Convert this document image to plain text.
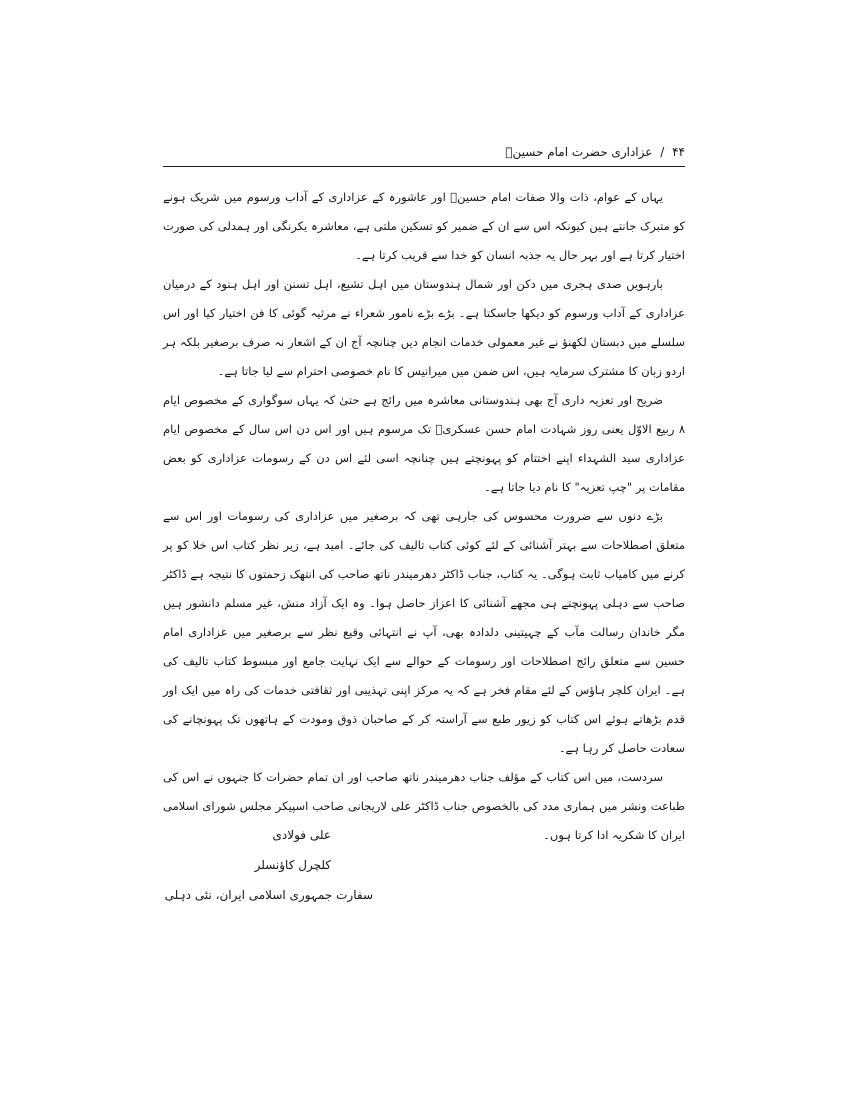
۴۴ / عزاداری حضرت امام حسینؑ

یہاں کے عوام، ذات والا صفات امام حسینؑ اور عاشورہ کے عزاداری کے آداب ورسوم میں شریک ہونے کو متبرک جانتے ہیں کیونکہ اس سے ان کے ضمیر کو تسکین ملتی ہے، معاشرہ یکرنگی اور ہمدلی کی صورت اختیار کرتا ہے اور بہر حال یہ جذبہ انسان کو خدا سے قریب کرتا ہے۔

بارہویں صدی ہجری میں دکن اور شمال ہندوستان میں اہل تشیع، اہل تسنن اور اہل ہنود کے درمیان عزاداری کے آداب ورسوم کو دیکھا جاسکتا ہے۔ بڑے بڑے نامور شعراء نے مرثیہ گوئی کا فن اختیار کیا اور اس سلسلے میں دبستان لکھنؤ نے غیر معمولی خدمات انجام دیں چنانچہ آج ان کے اشعار نہ صرف برصغیر بلکہ ہر اردو زبان کا مشترک سرمایہ ہیں، اس ضمن میں میرانیس کا نام خصوصی احترام سے لیا جاتا ہے۔

ضریح اور تعزیہ داری آج بھی ہندوستانی معاشرہ میں رائج ہے حتیٰ کہ یہاں سوگواری کے مخصوص ایام ۸ ربیع الاوّل یعنی روز شہادت امام حسن عسکریؑ تک مرسوم ہیں اور اس دن اس سال کے مخصوص ایام عزاداری سید الشہداء اپنے اختتام کو پہونچتے ہیں چنانچہ اسی لئے اس دن کے رسومات عزاداری کو بعض مقامات پر "چپ تعزیہ" کا نام دیا جاتا ہے۔

بڑے دنوں سے ضرورت محسوس کی جارہی تھی کہ برصغیر میں عزاداری کی رسومات اور اس سے متعلق اصطلاحات سے بہتر آشنائی کے لئے کوئی کتاب تالیف کی جائے۔ امید ہے، زیر نظر کتاب اس خلا کو پر کرنے میں کامیاب ثابت ہوگی۔ یہ کتاب، جناب ڈاکٹر دھرمیندر ناتھ صاحب کی انتھک زحمتوں کا نتیجہ ہے ڈاکٹر صاحب سے دہلی پہونچتے ہی مجھے آشنائی کا اعزاز حاصل ہوا۔ وہ ایک آزاد منش، غیر مسلم دانشور ہیں مگر خاندان رسالت مآب کے چہیتینی دلدادہ بھی، آپ نے انتہائی وقیع نظر سے برصغیر میں عزاداری امام حسین سے متعلق رائج اصطلاحات اور رسومات کے حوالے سے ایک نہایت جامع اور مبسوط کتاب تالیف کی ہے۔ ایران کلچر ہاؤس کے لئے مقام فخر ہے کہ یہ مرکز اپنی تہذیبی اور ثقافتی خدمات کی راہ میں ایک اور قدم بڑھاتے ہوئے اس کتاب کو زیور طبع سے آراستہ کر کے صاحبان ذوق ومودت کے ہاتھوں تک پہونچانے کی سعادت حاصل کر رہا ہے۔

سردست، میں اس کتاب کے مؤلف جناب دھرمیندر ناتھ صاحب اور ان تمام حضرات کا جنہوں نے اس کی طباعت ونشر میں ہماری مدد کی بالخصوص جناب ڈاکٹر علی لاریجانی صاحب اسپیکر مجلس شورای اسلامی ایران کا شکریہ ادا کرتا ہوں۔

علی فولادی
کلچرل کاؤنسلر
سفارت جمہوری اسلامی ایران، نئی دہلی
